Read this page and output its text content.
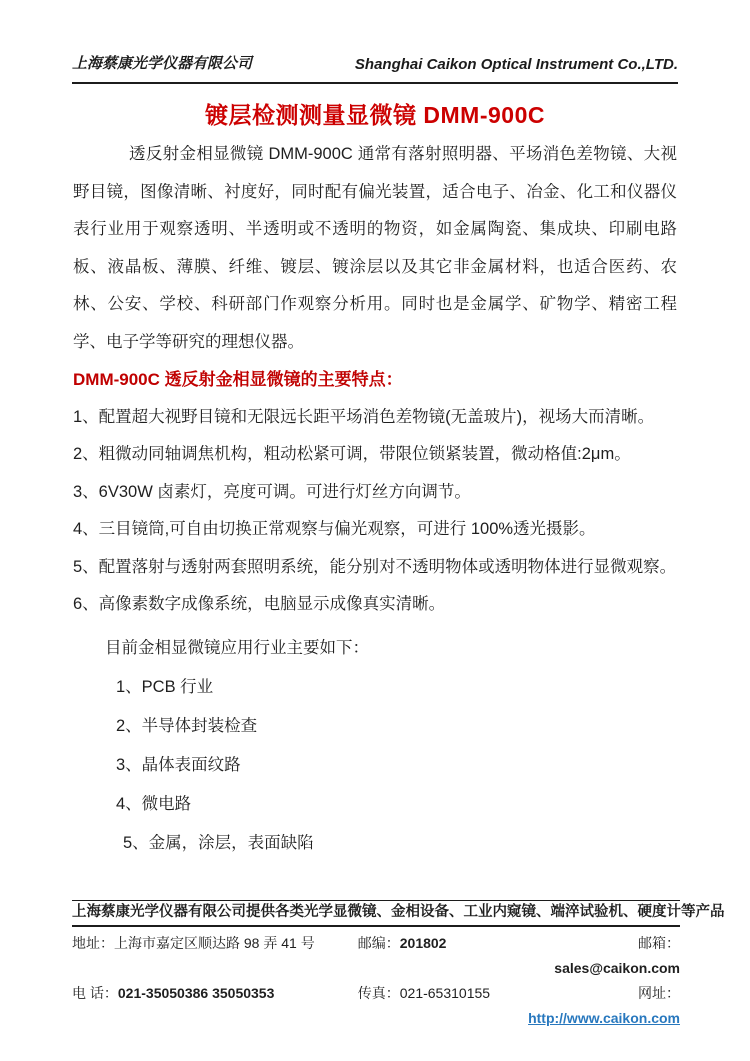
上海蔡康光学仪器有限公司	Shanghai Caikon Optical Instrument Co.,LTD.
镀层检测测量显微镜 DMM-900C

透反射金相显微镜 DMM-900C 通常有落射照明器、平场消色差物镜、大视野目镜，图像清晰、衬度好，同时配有偏光装置，适合电子、冶金、化工和仪器仪表行业用于观察透明、半透明或不透明的物资，如金属陶瓷、集成块、印刷电路板、液晶板、薄膜、纤维、镀层、镀涂层以及其它非金属材料，也适合医药、农林、公安、学校、科研部门作观察分析用。同时也是金属学、矿物学、精密工程学、电子学等研究的理想仪器。

DMM-900C 透反射金相显微镜的主要特点：

1、配置超大视野目镜和无限远长距平场消色差物镜(无盖玻片)，视场大而清晰。

2、粗微动同轴调焦机构，粗动松紧可调，带限位锁紧装置，微动格值:2μm。

3、6V30W 卤素灯，亮度可调。可进行灯丝方向调节。

4、三目镜筒,可自由切换正常观察与偏光观察，可进行 100%透光摄影。

5、配置落射与透射两套照明系统，能分别对不透明物体或透明物体进行显微观察。

6、高像素数字成像系统，电脑显示成像真实清晰。

目前金相显微镜应用行业主要如下：

1、PCB 行业
2、半导体封装检查
3、晶体表面纹路
4、微电路
5、金属，涂层，表面缺陷
上海蔡康光学仪器有限公司提供各类光学显微镜、金相设备、工业内窥镜、端淬试验机、硬度计等产品
地址：上海市嘉定区顺达路 98 弄 41 号	邮编：201802	邮箱：sales@caikon.com
电 话：021-35050386 35050353	传真：021-65310155	网址：http://www.caikon.com
